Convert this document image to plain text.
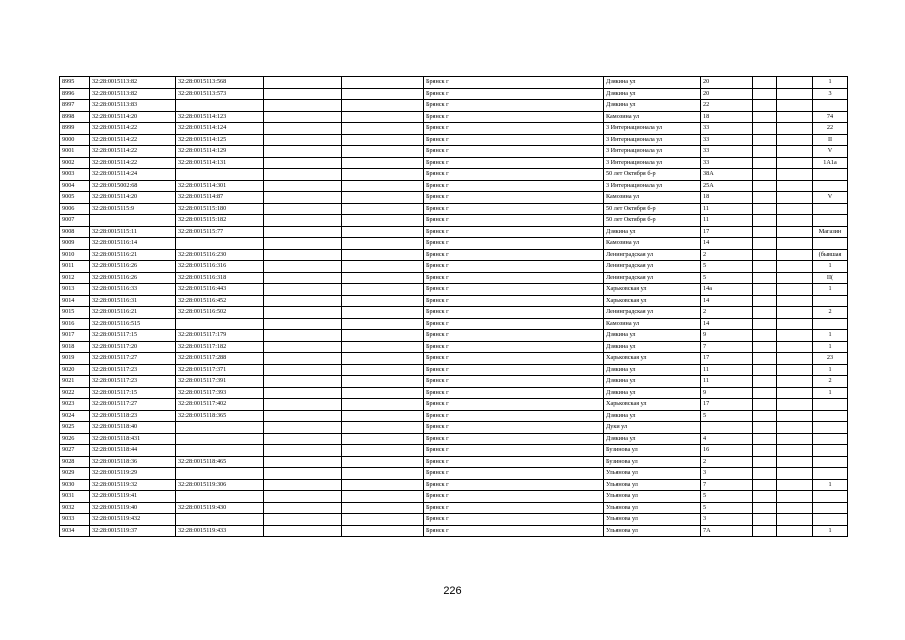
8995	32:28:0015113:82	32:28:0015113:568			Брянск г	Дзякина ул	20			1
8996	32:28:0015113:82	32:28:0015113:573			Брянск г	Дзякина ул	20			3
8997	32:28:0015113:83				Брянск г	Дзякина ул	22			
8998	32:28:0015114:20	32:28:0015114:123			Брянск г	Камозина ул	18			74
8999	32:28:0015114:22	32:28:0015114:124			Брянск г	3 Интернационала ул	33			22
9000	32:28:0015114:22	32:28:0015114:125			Брянск г	3 Интернационала ул	33			II
9001	32:28:0015114:22	32:28:0015114:129			Брянск г	3 Интернационала ул	33			V
9002	32:28:0015114:22	32:28:0015114:131			Брянск г	3 Интернационала ул	33			1А1а
9003	32:28:0015114:24				Брянск г	50 лет Октября б-р	38А			
9004	32:28:0015002:68	32:28:0015114:301			Брянск г	3 Интернационала ул	25А			
9005	32:28:0015114:20	32:28:0015114:87			Брянск г	Камозина ул	18			V
9006	32:28:0015115:9	32:28:0015115:180			Брянск г	50 лет Октября б-р	11			
9007		32:28:0015115:182			Брянск г	50 лет Октября б-р	11			
9008	32:28:0015115:11	32:28:0015115:77			Брянск г	Дзякина ул	17			Магазин
9009	32:28:0015116:14				Брянск г	Камозина ул	14			
9010	32:28:0015116:21	32:28:0015116:230			Брянск г	Ленинградская ул	2			(бывшая
9011	32:28:0015116:26	32:28:0015116:316			Брянск г	Ленинградская ул	5			1
9012	32:28:0015116:26	32:28:0015116:318			Брянск г	Ленинградская ул	5			II(
9013	32:28:0015116:33	32:28:0015116:443			Брянск г	Харьковская ул	14а			1
9014	32:28:0015116:31	32:28:0015116:452			Брянск г	Харьковская ул	14			
9015	32:28:0015116:21	32:28:0015116:502			Брянск г	Ленинградская ул	2			2
9016	32:28:0015116:515				Брянск г	Камозина ул	14			
9017	32:28:0015117:15	32:28:0015117:179			Брянск г	Дзякина ул	9			1
9018	32:28:0015117:20	32:28:0015117:182			Брянск г	Дзякина ул	7			1
9019	32:28:0015117:27	32:28:0015117:288			Брянск г	Харьковская ул	17			23
9020	32:28:0015117:23	32:28:0015117:371			Брянск г	Дзякина ул	11			1
9021	32:28:0015117:23	32:28:0015117:391			Брянск г	Дзякина ул	11			2
9022	32:28:0015117:15	32:28:0015117:393			Брянск г	Дзякина ул	9			1
9023	32:28:0015117:27	32:28:0015117:402			Брянск г	Харьковская ул	17			
9024	32:28:0015118:23	32:28:0015118:365			Брянск г	Дзякина ул	5			
9025	32:28:0015118:40				Брянск г	Дуки ул				
9026	32:28:0015118:431				Брянск г	Дзякина ул	4			
9027	32:28:0015118:44				Брянск г	Бузинова ул	16			
9028	32:28:0015118:36	32:28:0015118:465			Брянск г	Бузинова ул	2			
9029	32:28:0015119:29				Брянск г	Ульянова ул	3			
9030	32:28:0015119:32	32:28:0015119:306			Брянск г	Ульянова ул	7			1
9031	32:28:0015119:41				Брянск г	Ульянова ул	5			
9032	32:28:0015119:40	32:28:0015119:430			Брянск г	Ульянова ул	5			
9033	32:28:0015119:432				Брянск г	Ульянова ул	3			
9034	32:28:0015119:37	32:28:0015119:433			Брянск г	Ульянова ул	7А			1
226
